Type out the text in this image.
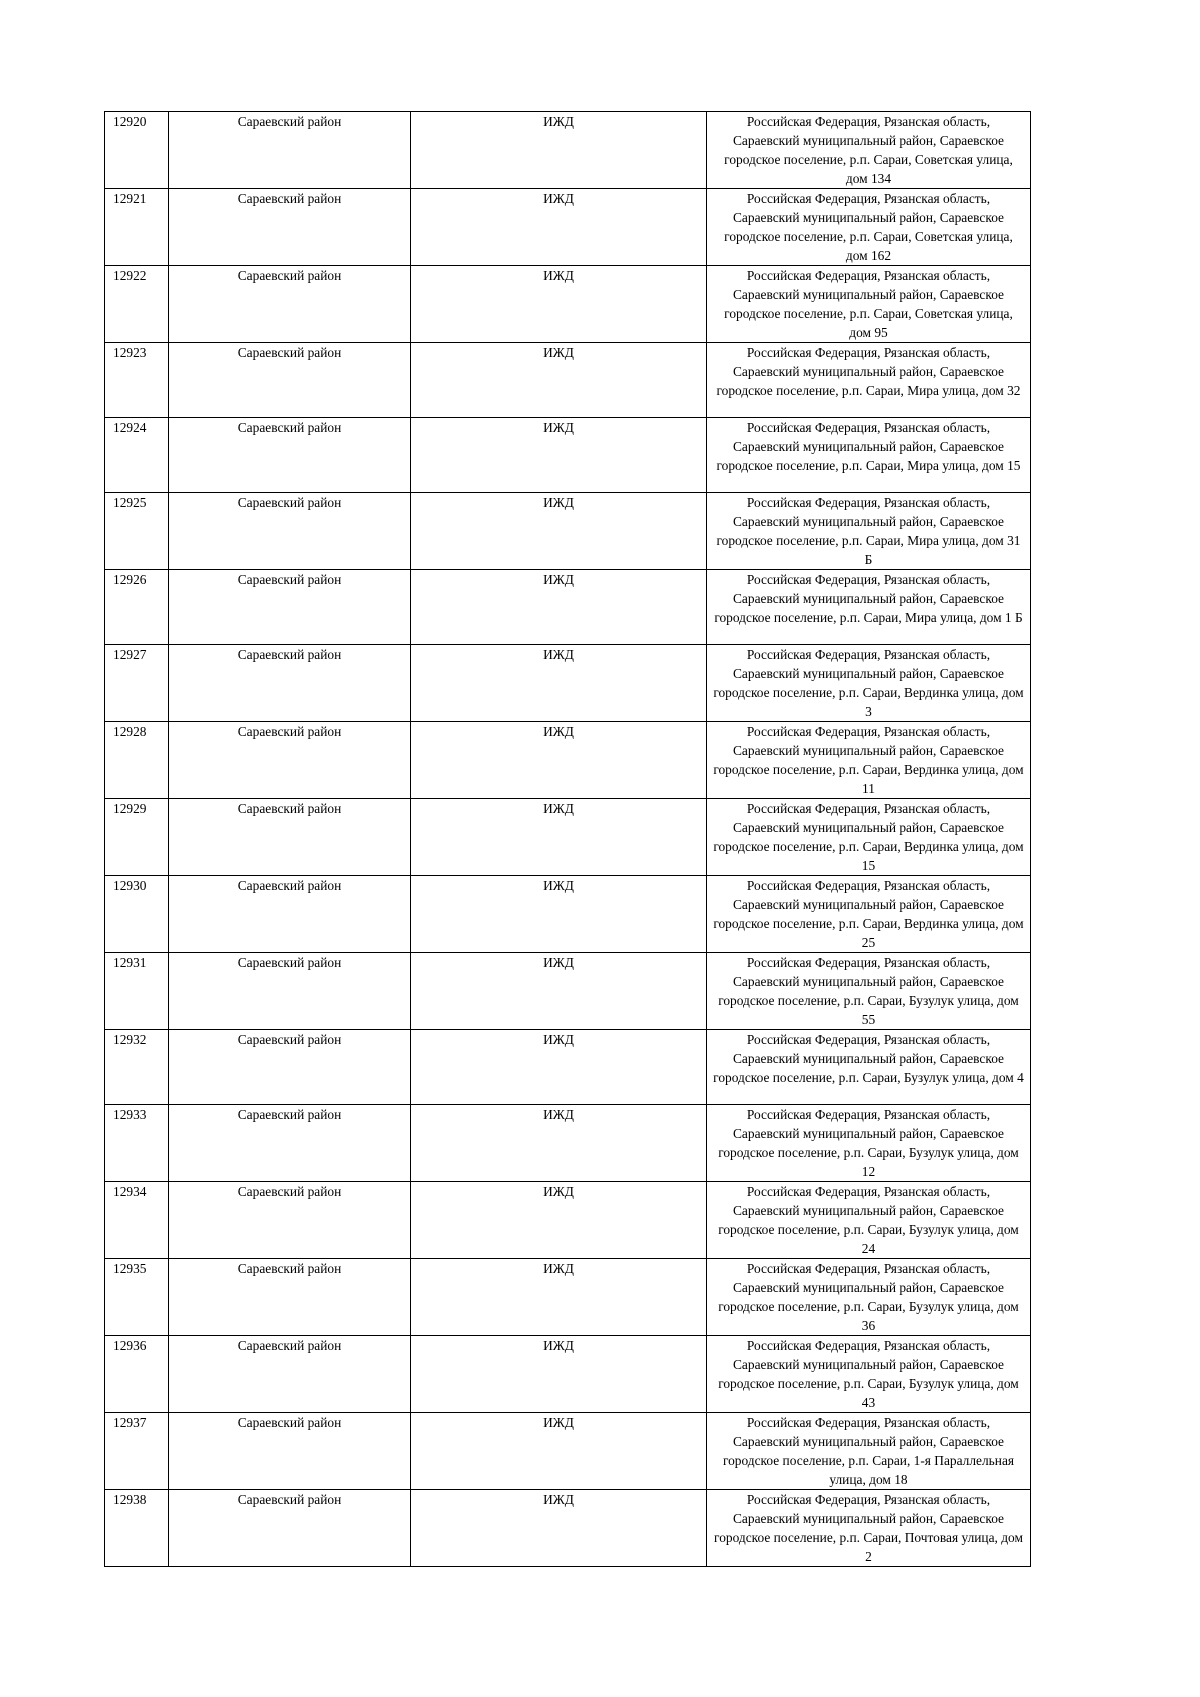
12920	Сараевский район	ИЖД	Российская Федерация, Рязанская область, Сараевский муниципальный район, Сараевское городское поселение, р.п. Сараи, Советская улица, дом 134
12921	Сараевский район	ИЖД	Российская Федерация, Рязанская область, Сараевский муниципальный район, Сараевское городское поселение, р.п. Сараи, Советская улица, дом 162
12922	Сараевский район	ИЖД	Российская Федерация, Рязанская область, Сараевский муниципальный район, Сараевское городское поселение, р.п. Сараи, Советская улица, дом 95
12923	Сараевский район	ИЖД	Российская Федерация, Рязанская область, Сараевский муниципальный район, Сараевское городское поселение, р.п. Сараи, Мира улица, дом 32
12924	Сараевский район	ИЖД	Российская Федерация, Рязанская область, Сараевский муниципальный район, Сараевское городское поселение, р.п. Сараи, Мира улица, дом 15
12925	Сараевский район	ИЖД	Российская Федерация, Рязанская область, Сараевский муниципальный район, Сараевское городское поселение, р.п. Сараи, Мира улица, дом 31 Б
12926	Сараевский район	ИЖД	Российская Федерация, Рязанская область, Сараевский муниципальный район, Сараевское городское поселение, р.п. Сараи, Мира улица, дом 1 Б
12927	Сараевский район	ИЖД	Российская Федерация, Рязанская область, Сараевский муниципальный район, Сараевское городское поселение, р.п. Сараи, Вердинка улица, дом 3
12928	Сараевский район	ИЖД	Российская Федерация, Рязанская область, Сараевский муниципальный район, Сараевское городское поселение, р.п. Сараи, Вердинка улица, дом 11
12929	Сараевский район	ИЖД	Российская Федерация, Рязанская область, Сараевский муниципальный район, Сараевское городское поселение, р.п. Сараи, Вердинка улица, дом 15
12930	Сараевский район	ИЖД	Российская Федерация, Рязанская область, Сараевский муниципальный район, Сараевское городское поселение, р.п. Сараи, Вердинка улица, дом 25
12931	Сараевский район	ИЖД	Российская Федерация, Рязанская область, Сараевский муниципальный район, Сараевское городское поселение, р.п. Сараи, Бузулук улица, дом 55
12932	Сараевский район	ИЖД	Российская Федерация, Рязанская область, Сараевский муниципальный район, Сараевское городское поселение, р.п. Сараи, Бузулук улица, дом 4
12933	Сараевский район	ИЖД	Российская Федерация, Рязанская область, Сараевский муниципальный район, Сараевское городское поселение, р.п. Сараи, Бузулук улица, дом 12
12934	Сараевский район	ИЖД	Российская Федерация, Рязанская область, Сараевский муниципальный район, Сараевское городское поселение, р.п. Сараи, Бузулук улица, дом 24
12935	Сараевский район	ИЖД	Российская Федерация, Рязанская область, Сараевский муниципальный район, Сараевское городское поселение, р.п. Сараи, Бузулук улица, дом 36
12936	Сараевский район	ИЖД	Российская Федерация, Рязанская область, Сараевский муниципальный район, Сараевское городское поселение, р.п. Сараи, Бузулук улица, дом 43
12937	Сараевский район	ИЖД	Российская Федерация, Рязанская область, Сараевский муниципальный район, Сараевское городское поселение, р.п. Сараи, 1-я Параллельная улица, дом 18
12938	Сараевский район	ИЖД	Российская Федерация, Рязанская область, Сараевский муниципальный район, Сараевское городское поселение, р.п. Сараи, Почтовая улица, дом 2
